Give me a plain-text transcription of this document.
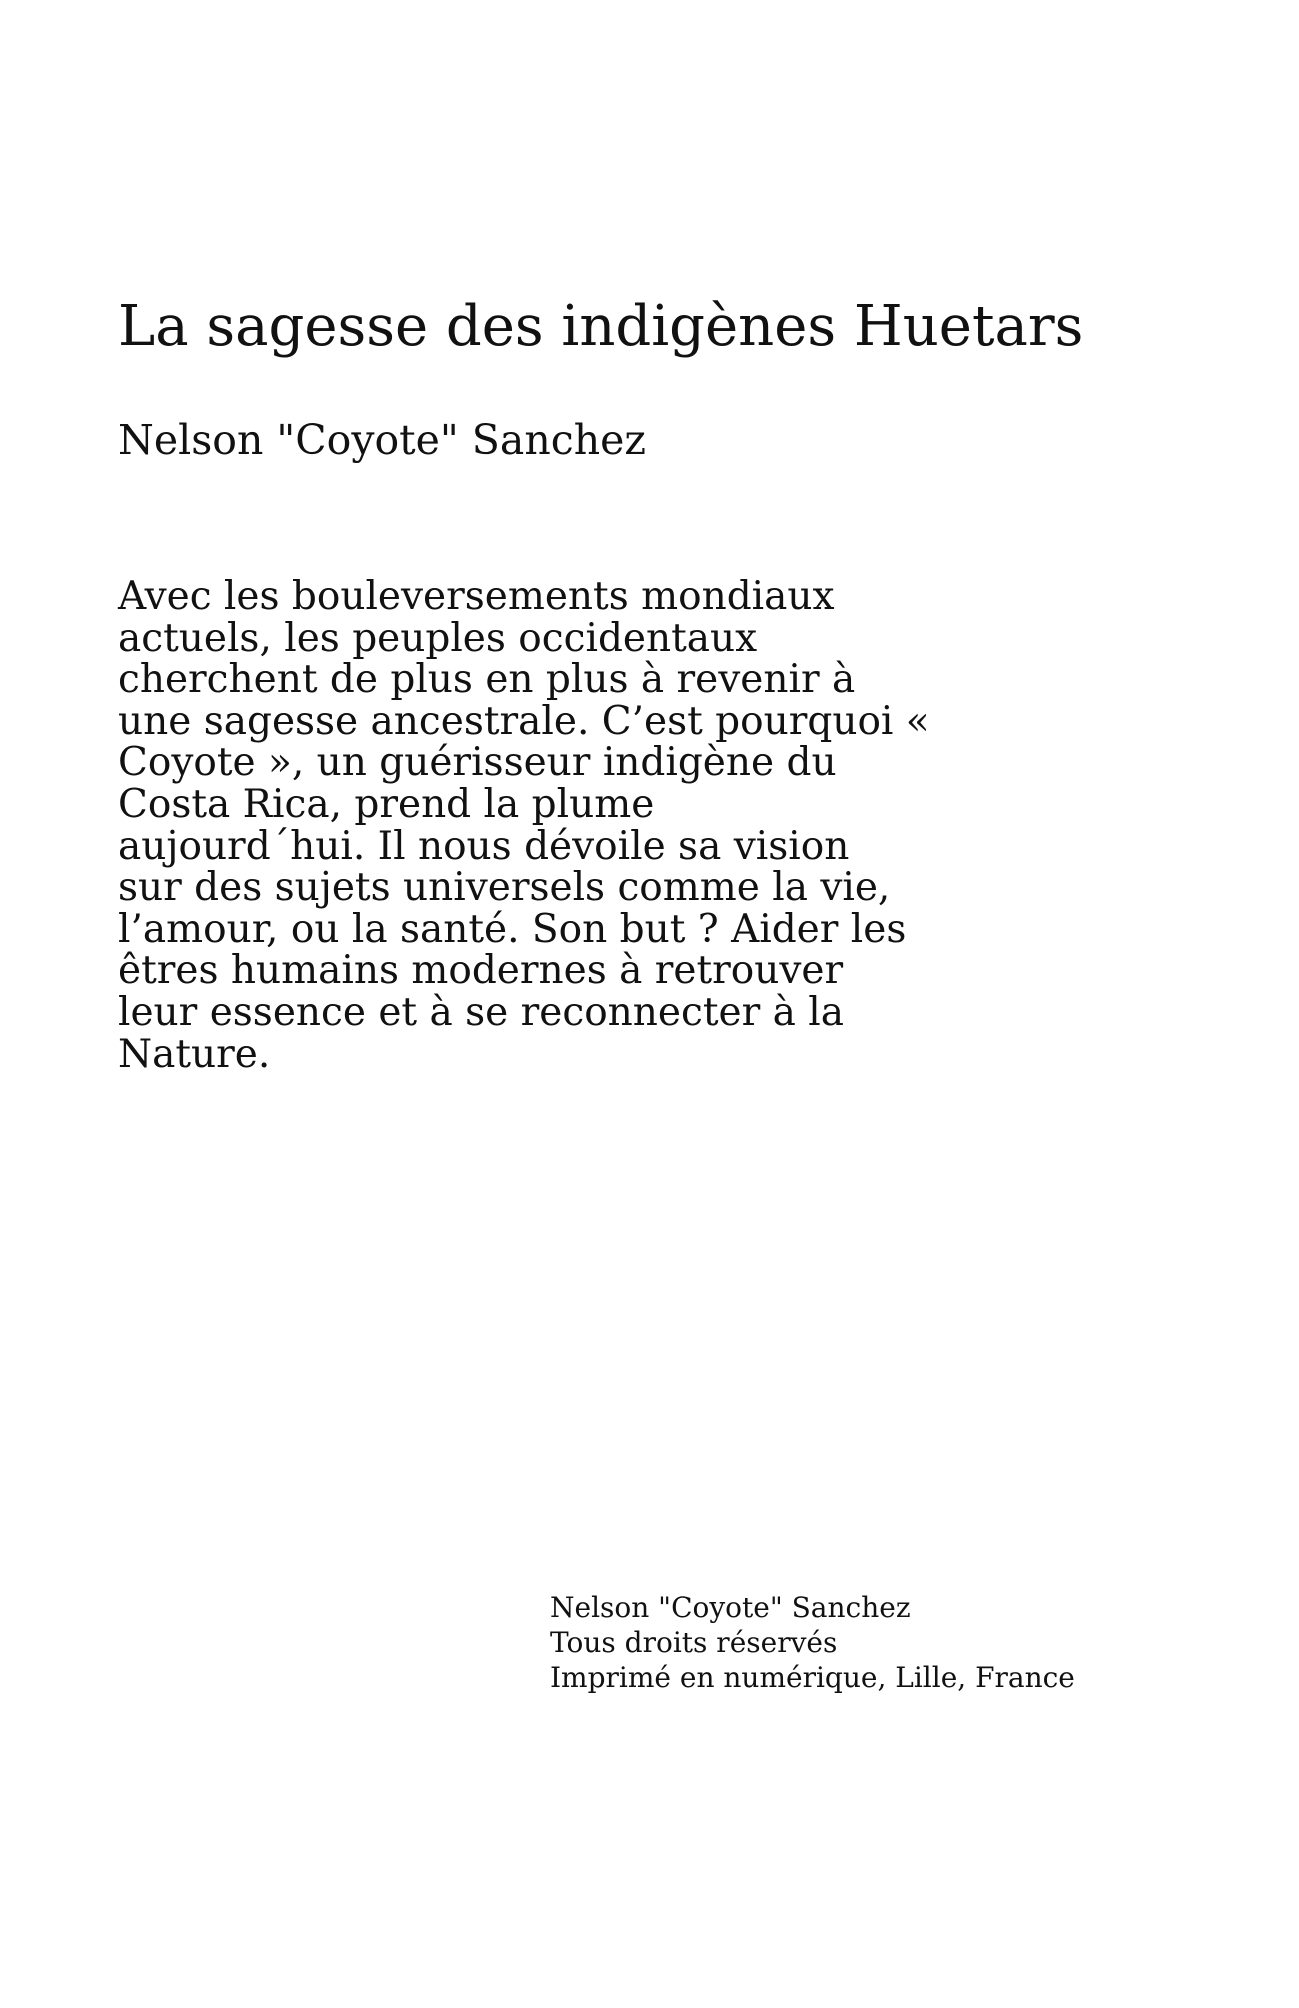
La sagesse des indigènes Huetars
Nelson "Coyote" Sanchez
Avec les bouleversements mondiaux
actuels, les peuples occidentaux
cherchent de plus en plus à revenir à
une sagesse ancestrale. C’est pourquoi «
Coyote », un guérisseur indigène du
Costa Rica, prend la plume
aujourd´hui. Il nous dévoile sa vision
sur des sujets universels comme la vie,
l’amour, ou la santé. Son but ? Aider les
êtres humains modernes à retrouver
leur essence et à se reconnecter à la
Nature.
Nelson "Coyote" Sanchez
Tous droits réservés
Imprimé en numérique, Lille, France
